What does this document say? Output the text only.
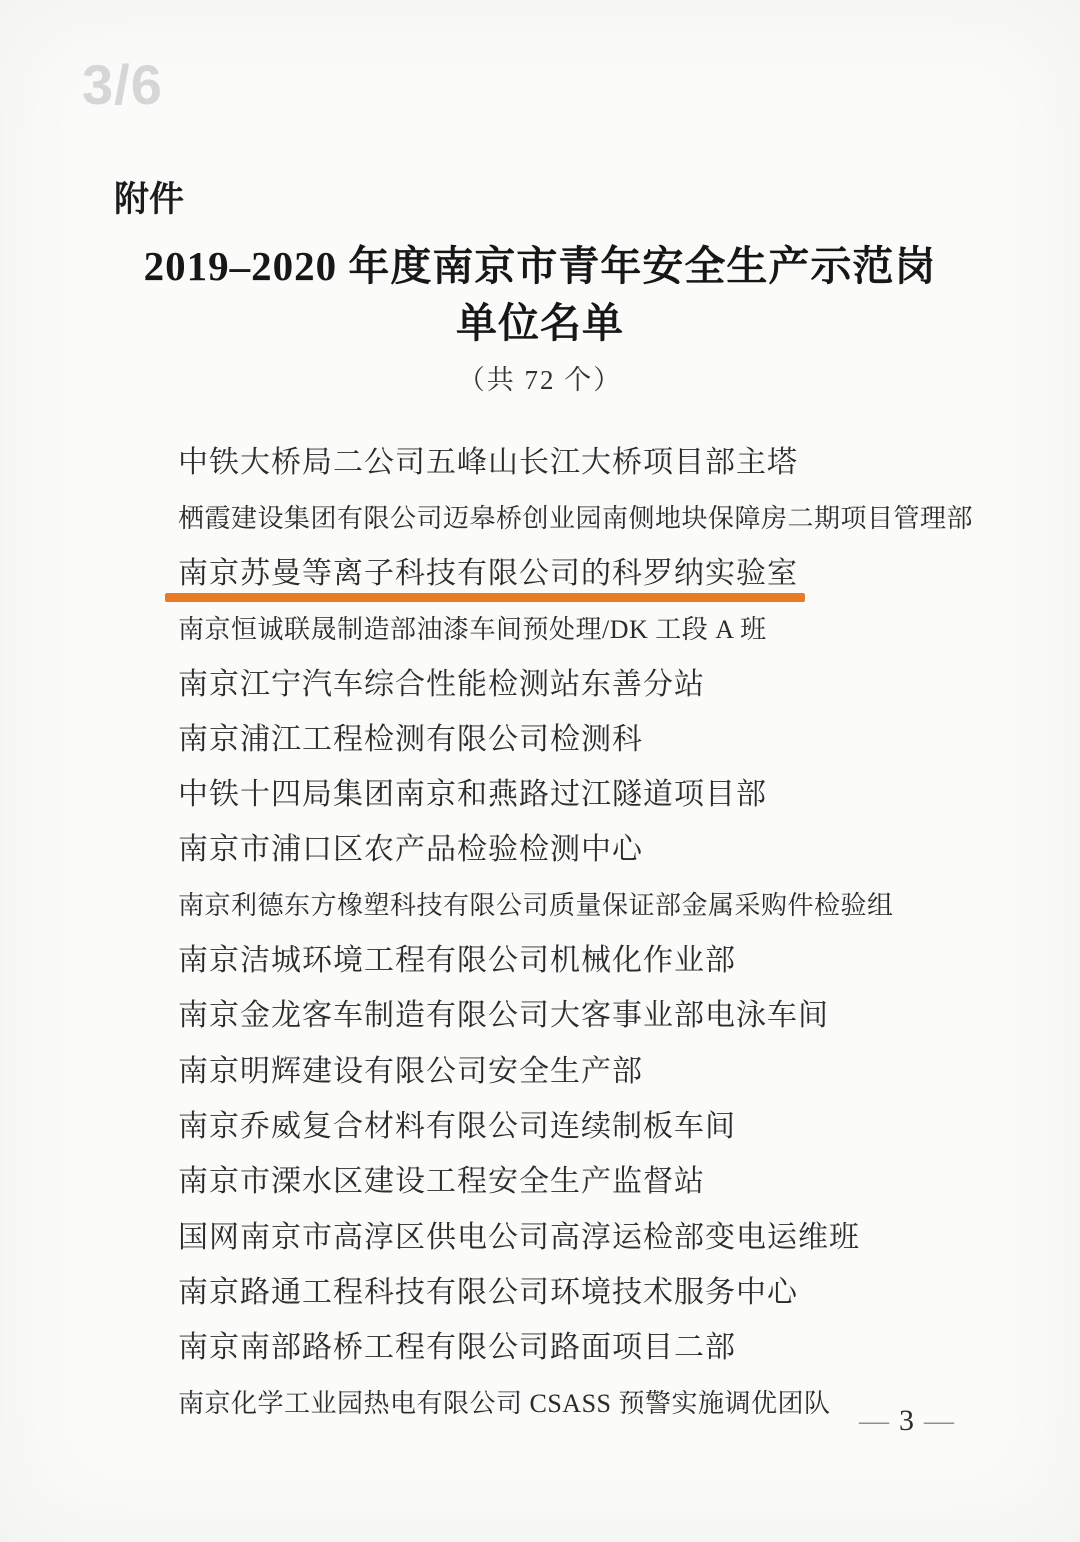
3/6
附件
2019–2020 年度南京市青年安全生产示范岗
单位名单
（共 72 个）
中铁大桥局二公司五峰山长江大桥项目部主塔
栖霞建设集团有限公司迈皋桥创业园南侧地块保障房二期项目管理部
南京苏曼等离子科技有限公司的科罗纳实验室
南京恒诚联晟制造部油漆车间预处理/DK 工段 A 班
南京江宁汽车综合性能检测站东善分站
南京浦江工程检测有限公司检测科
中铁十四局集团南京和燕路过江隧道项目部
南京市浦口区农产品检验检测中心
南京利德东方橡塑科技有限公司质量保证部金属采购件检验组
南京洁城环境工程有限公司机械化作业部
南京金龙客车制造有限公司大客事业部电泳车间
南京明辉建设有限公司安全生产部
南京乔威复合材料有限公司连续制板车间
南京市溧水区建设工程安全生产监督站
国网南京市高淳区供电公司高淳运检部变电运维班
南京路通工程科技有限公司环境技术服务中心
南京南部路桥工程有限公司路面项目二部
南京化学工业园热电有限公司 CSASS 预警实施调优团队
— 3 —
